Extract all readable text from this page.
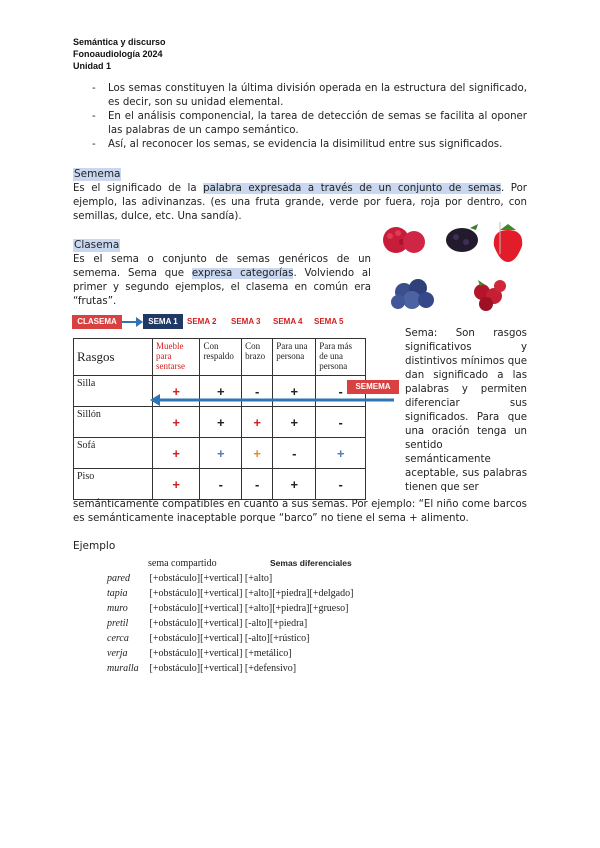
Semántica y discurso
Fonoaudiología 2024
Unidad 1
- Los semas constituyen la última división operada en la estructura del significado, es decir, son su unidad elemental.
- En el análisis componencial, la tarea de detección de semas se facilita al oponer las palabras de un campo semántico.
- Así, al reconocer los semas, se evidencia la disimilitud entre sus significados.
Semema
Es el significado de la palabra expresada a través de un conjunto de semas. Por ejemplo, las adivinanzas. (es una fruta grande, verde por fuera, roja por dentro, con semillas, dulce, etc. Una sandía).
Clasema
Es el sema o conjunto de semas genéricos de un semema. Sema que expresa categorías. Volviendo al primer y segundo ejemplos, el clasema en común era “frutas”.
CLASEMA	SEMA 1	SEMA 2 SEMA 3 SEMA 4 SEMA 5
Rasgos	Mueble para sentarse	Con respaldo	Con brazo	Para una persona	Para más de una persona
Silla	+	+	-	+	-
Sillón	+	+	+	+	-
Sofá	+	+	+	-	+
Piso	+	-	-	+	-
SEMEMA
Sema: Son rasgos significativos y distintivos mínimos que dan significado a las palabras y permiten diferenciar sus significados. Para que una oración tenga un sentido semánticamente aceptable, sus palabras tienen que ser
semánticamente compatibles en cuanto a sus semas. Por ejemplo: “El niño come barcos es semánticamente inaceptable porque “barco” no tiene el sema + alimento.
Ejemplo
sema compartido	Semas diferenciales
pared [+obstáculo][+vertical] [+alto]
tapia [+obstáculo][+vertical] [+alto][+piedra][+delgado]
muro [+obstáculo][+vertical] [+alto][+piedra][+grueso]
pretil [+obstáculo][+vertical] [-alto][+piedra]
cerca [+obstáculo][+vertical] [-alto][+rústico]
verja [+obstáculo][+vertical] [+metálico]
muralla [+obstáculo][+vertical] [+defensivo]
